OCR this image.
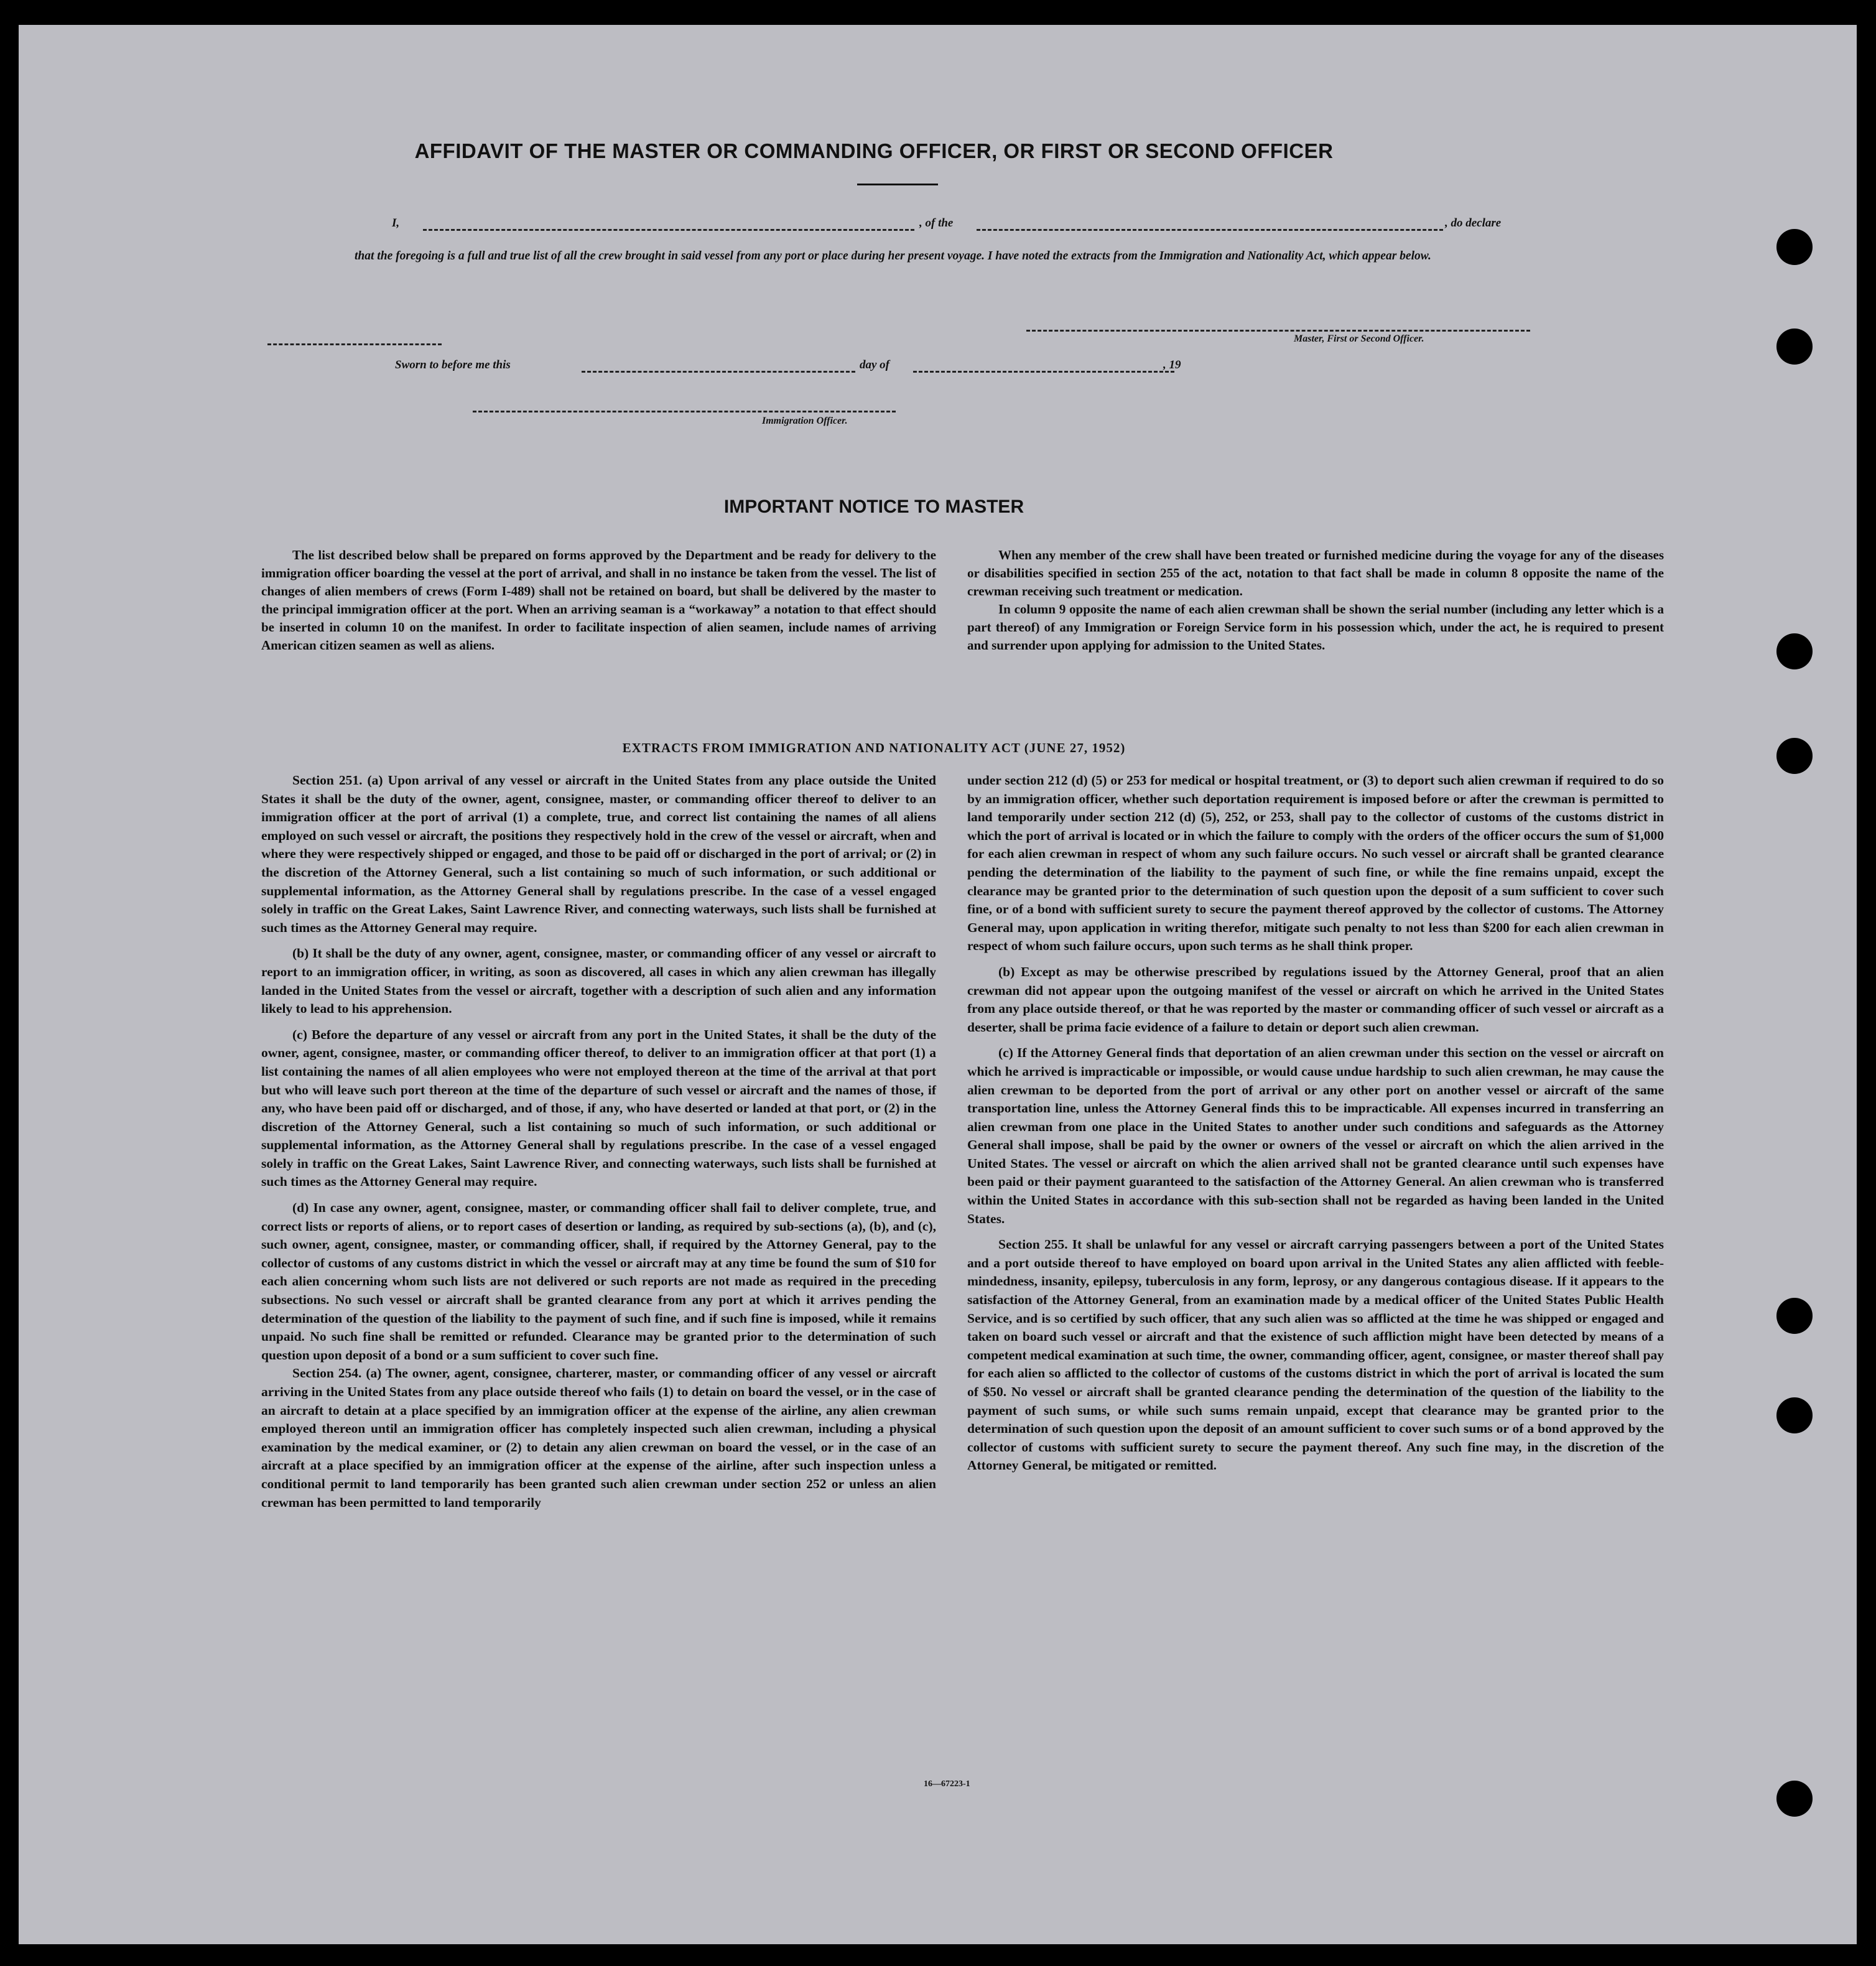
AFFIDAVIT OF THE MASTER OR COMMANDING OFFICER, OR FIRST OR SECOND OFFICER
I,	, of the	, do declare
that the foregoing is a full and true list of all the crew brought in said vessel from any port or place during her present voyage. I have noted the extracts from the Immigration and Nationality Act, which appear below.
Master, First or Second Officer.
Sworn to before me this	day of	, 19
Immigration Officer.
IMPORTANT NOTICE TO MASTER

The list described below shall be prepared on forms approved by the Department and be ready for delivery to the immigration officer boarding the vessel at the port of arrival, and shall in no instance be taken from the vessel. The list of changes of alien members of crews (Form I-489) shall not be retained on board, but shall be delivered by the master to the principal immigration officer at the port. When an arriving seaman is a “workaway” a notation to that effect should be inserted in column 10 on the manifest. In order to facilitate inspection of alien seamen, include names of arriving American citizen seamen as well as aliens.

When any member of the crew shall have been treated or furnished medicine during the voyage for any of the diseases or disabilities specified in section 255 of the act, notation to that fact shall be made in column 8 opposite the name of the crewman receiving such treatment or medication.

In column 9 opposite the name of each alien crewman shall be shown the serial number (including any letter which is a part thereof) of any Immigration or Foreign Service form in his possession which, under the act, he is required to present and surrender upon applying for admission to the United States.

EXTRACTS FROM IMMIGRATION AND NATIONALITY ACT (JUNE 27, 1952)

Section 251. (a) Upon arrival of any vessel or aircraft in the United States from any place outside the United States it shall be the duty of the owner, agent, consignee, master, or commanding officer thereof to deliver to an immigration officer at the port of arrival (1) a complete, true, and correct list containing the names of all aliens employed on such vessel or aircraft, the positions they respectively hold in the crew of the vessel or aircraft, when and where they were respectively shipped or engaged, and those to be paid off or discharged in the port of arrival; or (2) in the discretion of the Attorney General, such a list containing so much of such information, or such additional or supplemental information, as the Attorney General shall by regulations prescribe. In the case of a vessel engaged solely in traffic on the Great Lakes, Saint Lawrence River, and connecting waterways, such lists shall be furnished at such times as the Attorney General may require.

(b) It shall be the duty of any owner, agent, consignee, master, or commanding officer of any vessel or aircraft to report to an immigration officer, in writing, as soon as discovered, all cases in which any alien crewman has illegally landed in the United States from the vessel or aircraft, together with a description of such alien and any information likely to lead to his apprehension.

(c) Before the departure of any vessel or aircraft from any port in the United States, it shall be the duty of the owner, agent, consignee, master, or commanding officer thereof, to deliver to an immigration officer at that port (1) a list containing the names of all alien employees who were not employed thereon at the time of the arrival at that port but who will leave such port thereon at the time of the departure of such vessel or aircraft and the names of those, if any, who have been paid off or discharged, and of those, if any, who have deserted or landed at that port, or (2) in the discretion of the Attorney General, such a list containing so much of such information, or such additional or supplemental information, as the Attorney General shall by regulations prescribe. In the case of a vessel engaged solely in traffic on the Great Lakes, Saint Lawrence River, and connecting waterways, such lists shall be furnished at such times as the Attorney General may require.

(d) In case any owner, agent, consignee, master, or commanding officer shall fail to deliver complete, true, and correct lists or reports of aliens, or to report cases of desertion or landing, as required by sub-sections (a), (b), and (c), such owner, agent, consignee, master, or commanding officer, shall, if required by the Attorney General, pay to the collector of customs of any customs district in which the vessel or aircraft may at any time be found the sum of $10 for each alien concerning whom such lists are not delivered or such reports are not made as required in the preceding subsections. No such vessel or aircraft shall be granted clearance from any port at which it arrives pending the determination of the question of the liability to the payment of such fine, and if such fine is imposed, while it remains unpaid. No such fine shall be remitted or refunded. Clearance may be granted prior to the determination of such question upon deposit of a bond or a sum sufficient to cover such fine.

Section 254. (a) The owner, agent, consignee, charterer, master, or commanding officer of any vessel or aircraft arriving in the United States from any place outside thereof who fails (1) to detain on board the vessel, or in the case of an aircraft to detain at a place specified by an immigration officer at the expense of the airline, any alien crewman employed thereon until an immigration officer has completely inspected such alien crewman, including a physical examination by the medical examiner, or (2) to detain any alien crewman on board the vessel, or in the case of an aircraft at a place specified by an immigration officer at the expense of the airline, after such inspection unless a conditional permit to land temporarily has been granted such alien crewman under section 252 or unless an alien crewman has been permitted to land temporarily

under section 212 (d) (5) or 253 for medical or hospital treatment, or (3) to deport such alien crewman if required to do so by an immigration officer, whether such deportation requirement is imposed before or after the crewman is permitted to land temporarily under section 212 (d) (5), 252, or 253, shall pay to the collector of customs of the customs district in which the port of arrival is located or in which the failure to comply with the orders of the officer occurs the sum of $1,000 for each alien crewman in respect of whom any such failure occurs. No such vessel or aircraft shall be granted clearance pending the determination of the liability to the payment of such fine, or while the fine remains unpaid, except the clearance may be granted prior to the determination of such question upon the deposit of a sum sufficient to cover such fine, or of a bond with sufficient surety to secure the payment thereof approved by the collector of customs. The Attorney General may, upon application in writing therefor, mitigate such penalty to not less than $200 for each alien crewman in respect of whom such failure occurs, upon such terms as he shall think proper.

(b) Except as may be otherwise prescribed by regulations issued by the Attorney General, proof that an alien crewman did not appear upon the outgoing manifest of the vessel or aircraft on which he arrived in the United States from any place outside thereof, or that he was reported by the master or commanding officer of such vessel or aircraft as a deserter, shall be prima facie evidence of a failure to detain or deport such alien crewman.

(c) If the Attorney General finds that deportation of an alien crewman under this section on the vessel or aircraft on which he arrived is impracticable or impossible, or would cause undue hardship to such alien crewman, he may cause the alien crewman to be deported from the port of arrival or any other port on another vessel or aircraft of the same transportation line, unless the Attorney General finds this to be impracticable. All expenses incurred in transferring an alien crewman from one place in the United States to another under such conditions and safeguards as the Attorney General shall impose, shall be paid by the owner or owners of the vessel or aircraft on which the alien arrived in the United States. The vessel or aircraft on which the alien arrived shall not be granted clearance until such expenses have been paid or their payment guaranteed to the satisfaction of the Attorney General. An alien crewman who is transferred within the United States in accordance with this sub-section shall not be regarded as having been landed in the United States.

Section 255. It shall be unlawful for any vessel or aircraft carrying passengers between a port of the United States and a port outside thereof to have employed on board upon arrival in the United States any alien afflicted with feeble-mindedness, insanity, epilepsy, tuberculosis in any form, leprosy, or any dangerous contagious disease. If it appears to the satisfaction of the Attorney General, from an examination made by a medical officer of the United States Public Health Service, and is so certified by such officer, that any such alien was so afflicted at the time he was shipped or engaged and taken on board such vessel or aircraft and that the existence of such affliction might have been detected by means of a competent medical examination at such time, the owner, commanding officer, agent, consignee, or master thereof shall pay for each alien so afflicted to the collector of customs of the customs district in which the port of arrival is located the sum of $50. No vessel or aircraft shall be granted clearance pending the determination of the question of the liability to the payment of such sums, or while such sums remain unpaid, except that clearance may be granted prior to the determination of such question upon the deposit of an amount sufficient to cover such sums or of a bond approved by the collector of customs with sufficient surety to secure the payment thereof. Any such fine may, in the discretion of the Attorney General, be mitigated or remitted.

16—67223-1
